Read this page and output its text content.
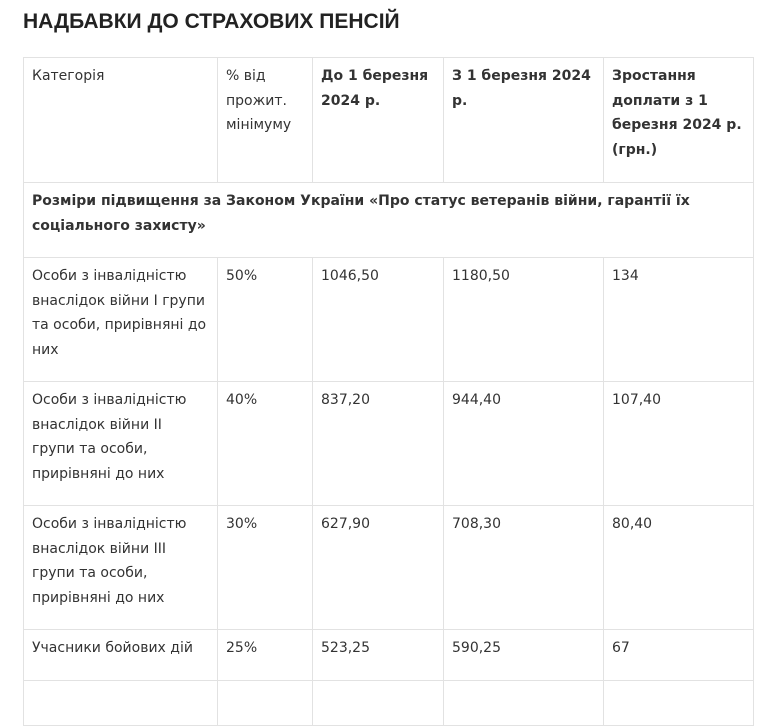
НАДБАВКИ ДО СТРАХОВИХ ПЕНСІЙ
Категорія	% від прожит. мінімуму	До 1 березня 2024 р.	З 1 березня 2024 р.	Зростання доплати з 1 березня 2024 р. (грн.)
Розміри підвищення за Законом України «Про статус ветеранів війни, гарантії їх соціального захисту»				
Особи з інвалідністю внаслідок війни І групи та особи, прирівняні до них	50%	1046,50	1180,50	134
Особи з інвалідністю внаслідок війни ІІ групи та особи, прирівняні до них	40%	837,20	944,40	107,40
Особи з інвалідністю внаслідок війни ІІІ групи та особи, прирівняні до них	30%	627,90	708,30	80,40
Учасники бойових дій	25%	523,25	590,25	67
